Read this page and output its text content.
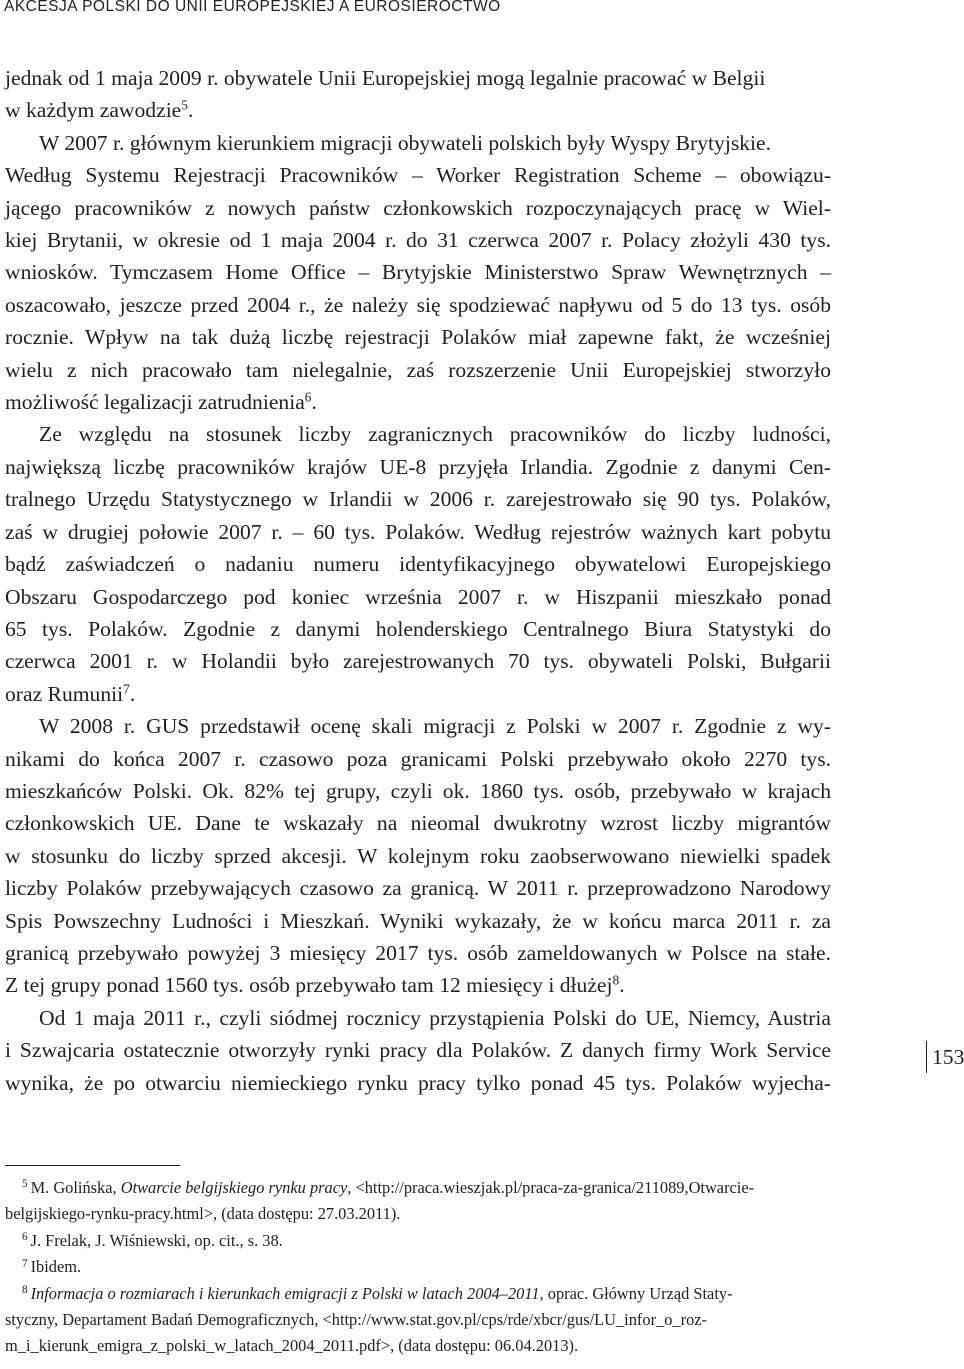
AKCESJA POLSKI DO UNII EUROPEJSKIEJ A EUROSIEROCTWO
jednak od 1 maja 2009 r. obywatele Unii Europejskiej mogą legalnie pracować w Belgii
w każdym zawodzie$^5$.
W 2007 r. głównym kierunkiem migracji obywateli polskich były Wyspy Brytyjskie.
Według Systemu Rejestracji Pracowników – Worker Registration Scheme – obowiązu-
jącego pracowników z nowych państw członkowskich rozpoczynających pracę w Wiel-
kiej Brytanii, w okresie od 1 maja 2004 r. do 31 czerwca 2007 r. Polacy złożyli 430 tys.
wniosków. Tymczasem Home Office – Brytyjskie Ministerstwo Spraw Wewnętrznych –
oszacowało, jeszcze przed 2004 r., że należy się spodziewać napływu od 5 do 13 tys. osób
rocznie. Wpływ na tak dużą liczbę rejestracji Polaków miał zapewne fakt, że wcześniej
wielu z nich pracowało tam nielegalnie, zaś rozszerzenie Unii Europejskiej stworzyło
możliwość legalizacji zatrudnienia$^6$.
Ze względu na stosunek liczby zagranicznych pracowników do liczby ludności,
największą liczbę pracowników krajów UE-8 przyjęła Irlandia. Zgodnie z danymi Cen-
tralnego Urzędu Statystycznego w Irlandii w 2006 r. zarejestrowało się 90 tys. Polaków,
zaś w drugiej połowie 2007 r. – 60 tys. Polaków. Według rejestrów ważnych kart pobytu
bądź zaświadczeń o nadaniu numeru identyfikacyjnego obywatelowi Europejskiego
Obszaru Gospodarczego pod koniec września 2007 r. w Hiszpanii mieszkało ponad
65 tys. Polaków. Zgodnie z danymi holenderskiego Centralnego Biura Statystyki do
czerwca 2001 r. w Holandii było zarejestrowanych 70 tys. obywateli Polski, Bułgarii
oraz Rumunii$^7$.
W 2008 r. GUS przedstawił ocenę skali migracji z Polski w 2007 r. Zgodnie z wy-
nikami do końca 2007 r. czasowo poza granicami Polski przebywało około 2270 tys.
mieszkańców Polski. Ok. 82% tej grupy, czyli ok. 1860 tys. osób, przebywało w krajach
członkowskich UE. Dane te wskazały na nieomal dwukrotny wzrost liczby migrantów
w stosunku do liczby sprzed akcesji. W kolejnym roku zaobserwowano niewielki spadek
liczby Polaków przebywających czasowo za granicą. W 2011 r. przeprowadzono Narodowy
Spis Powszechny Ludności i Mieszkań. Wyniki wykazały, że w końcu marca 2011 r. za
granicą przebywało powyżej 3 miesięcy 2017 tys. osób zameldowanych w Polsce na stałe.
Z tej grupy ponad 1560 tys. osób przebywało tam 12 miesięcy i dłużej$^8$.
Od 1 maja 2011 r., czyli siódmej rocznicy przystąpienia Polski do UE, Niemcy, Austria
i Szwajcaria ostatecznie otworzyły rynki pracy dla Polaków. Z danych firmy Work Service
wynika, że po otwarciu niemieckiego rynku pracy tylko ponad 45 tys. Polaków wyjecha-
153
$^5$ M. Golińska, Otwarcie belgijskiego rynku pracy, <http://praca.wieszjak.pl/praca-za-granica/211089,Otwarcie-
belgijskiego-rynku-pracy.html>, (data dostępu: 27.03.2011).
$^6$ J. Frelak, J. Wiśniewski, op. cit., s. 38.
$^7$ Ibidem.
$^8$ Informacja o rozmiarach i kierunkach emigracji z Polski w latach 2004–2011, oprac. Główny Urząd Staty-
styczny, Departament Badań Demograficznych, <http://www.stat.gov.pl/cps/rde/xbcr/gus/LU_infor_o_roz-
m_i_kierunk_emigra_z_polski_w_latach_2004_2011.pdf>, (data dostępu: 06.04.2013).
